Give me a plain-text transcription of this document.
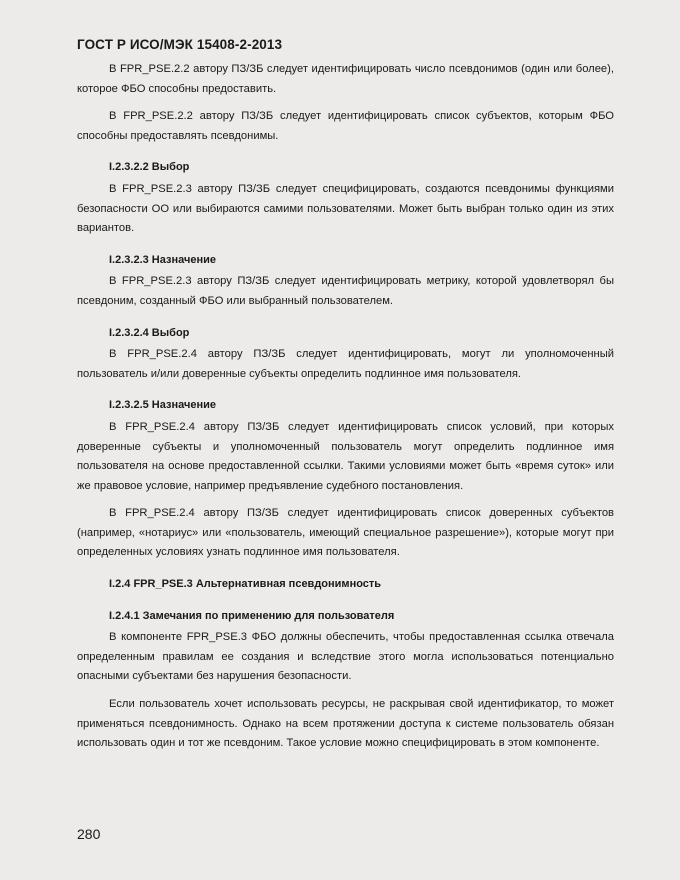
ГОСТ Р ИСО/МЭК 15408-2-2013

В FPR_PSE.2.2 автору ПЗ/ЗБ следует идентифицировать число псевдонимов (один или более), которое ФБО способны предоставить.

В FPR_PSE.2.2 автору ПЗ/ЗБ следует идентифицировать список субъектов, которым ФБО способны предоставлять псевдонимы.

I.2.3.2.2 Выбор

В FPR_PSE.2.3 автору ПЗ/ЗБ следует специфицировать, создаются псевдонимы функциями безопасности ОО или выбираются самими пользователями. Может быть выбран только один из этих вариантов.

I.2.3.2.3 Назначение

В FPR_PSE.2.3 автору ПЗ/ЗБ следует идентифицировать метрику, которой удовлетворял бы псевдоним, созданный ФБО или выбранный пользователем.

I.2.3.2.4 Выбор

В FPR_PSE.2.4 автору ПЗ/ЗБ следует идентифицировать, могут ли уполномоченный пользователь и/или доверенные субъекты определить подлинное имя пользователя.

I.2.3.2.5 Назначение

В FPR_PSE.2.4 автору ПЗ/ЗБ следует идентифицировать список условий, при которых доверенные субъекты и уполномоченный пользователь могут определить подлинное имя пользователя на основе предоставленной ссылки. Такими условиями может быть «время суток» или же правовое условие, например предъявление судебного постановления.

В FPR_PSE.2.4 автору ПЗ/ЗБ следует идентифицировать список доверенных субъектов (например, «нотариус» или «пользователь, имеющий специальное разрешение»), которые могут при определенных условиях узнать подлинное имя пользователя.

I.2.4 FPR_PSE.3 Альтернативная псевдонимность

I.2.4.1 Замечания по применению для пользователя

В компоненте FPR_PSE.3 ФБО должны обеспечить, чтобы предоставленная ссылка отвечала определенным правилам ее создания и вследствие этого могла использоваться потенциально опасными субъектами без нарушения безопасности.

Если пользователь хочет использовать ресурсы, не раскрывая свой идентификатор, то может применяться псевдонимность. Однако на всем протяжении доступа к системе пользователь обязан использовать один и тот же псевдоним. Такое условие можно специфицировать в этом компоненте.

280
